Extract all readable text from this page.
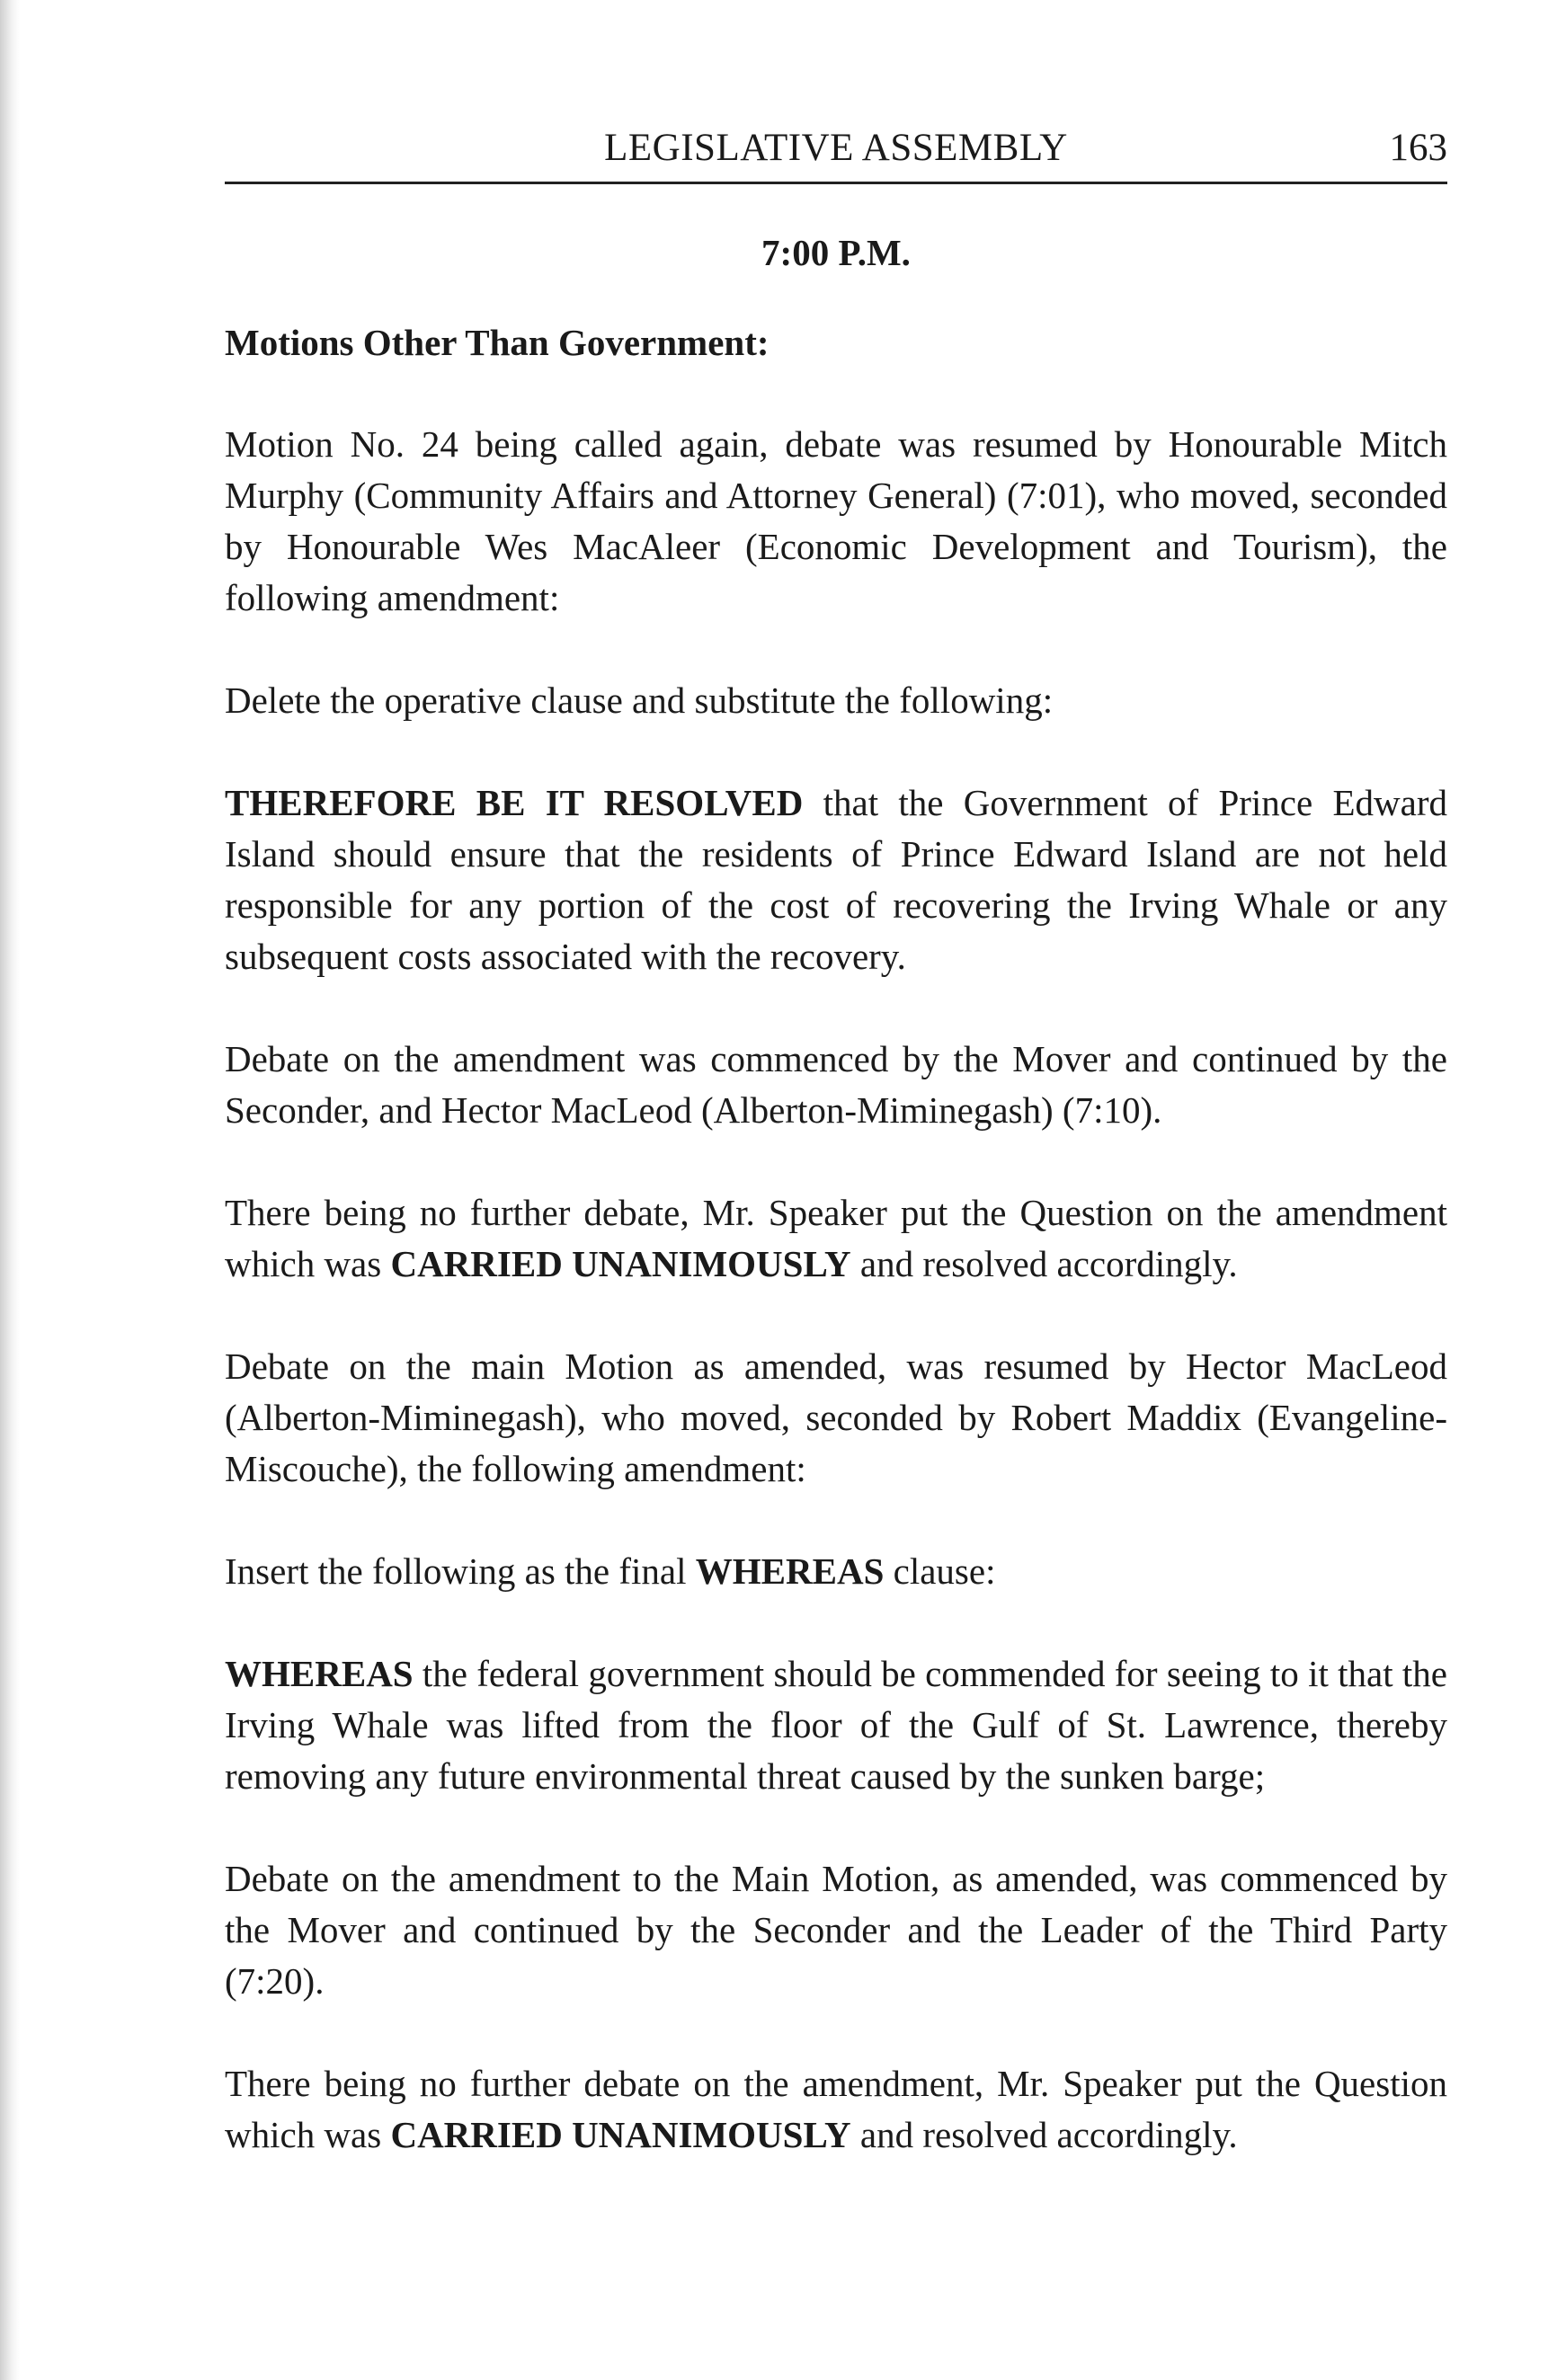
LEGISLATIVE ASSEMBLY	163
7:00 P.M.
Motions Other Than Government:

Motion No. 24 being called again, debate was resumed by Honourable Mitch Murphy (Community Affairs and Attorney General) (7:01), who moved, seconded by Honourable Wes MacAleer (Economic Development and Tourism), the following amendment:

Delete the operative clause and substitute the following:

THEREFORE BE IT RESOLVED that the Government of Prince Edward Island should ensure that the residents of Prince Edward Island are not held responsible for any portion of the cost of recovering the Irving Whale or any subsequent costs associated with the recovery.

Debate on the amendment was commenced by the Mover and continued by the Seconder, and Hector MacLeod (Alberton-Miminegash) (7:10).

There being no further debate, Mr. Speaker put the Question on the amendment which was CARRIED UNANIMOUSLY and resolved accordingly.

Debate on the main Motion as amended, was resumed by Hector MacLeod (Alberton-Miminegash), who moved, seconded by Robert Maddix (Evangeline-Miscouche), the following amendment:

Insert the following as the final WHEREAS clause:

WHEREAS the federal government should be commended for seeing to it that the Irving Whale was lifted from the floor of the Gulf of St. Lawrence, thereby removing any future environmental threat caused by the sunken barge;

Debate on the amendment to the Main Motion, as amended, was commenced by the Mover and continued by the Seconder and the Leader of the Third Party (7:20).

There being no further debate on the amendment, Mr. Speaker put the Question which was CARRIED UNANIMOUSLY and resolved accordingly.
